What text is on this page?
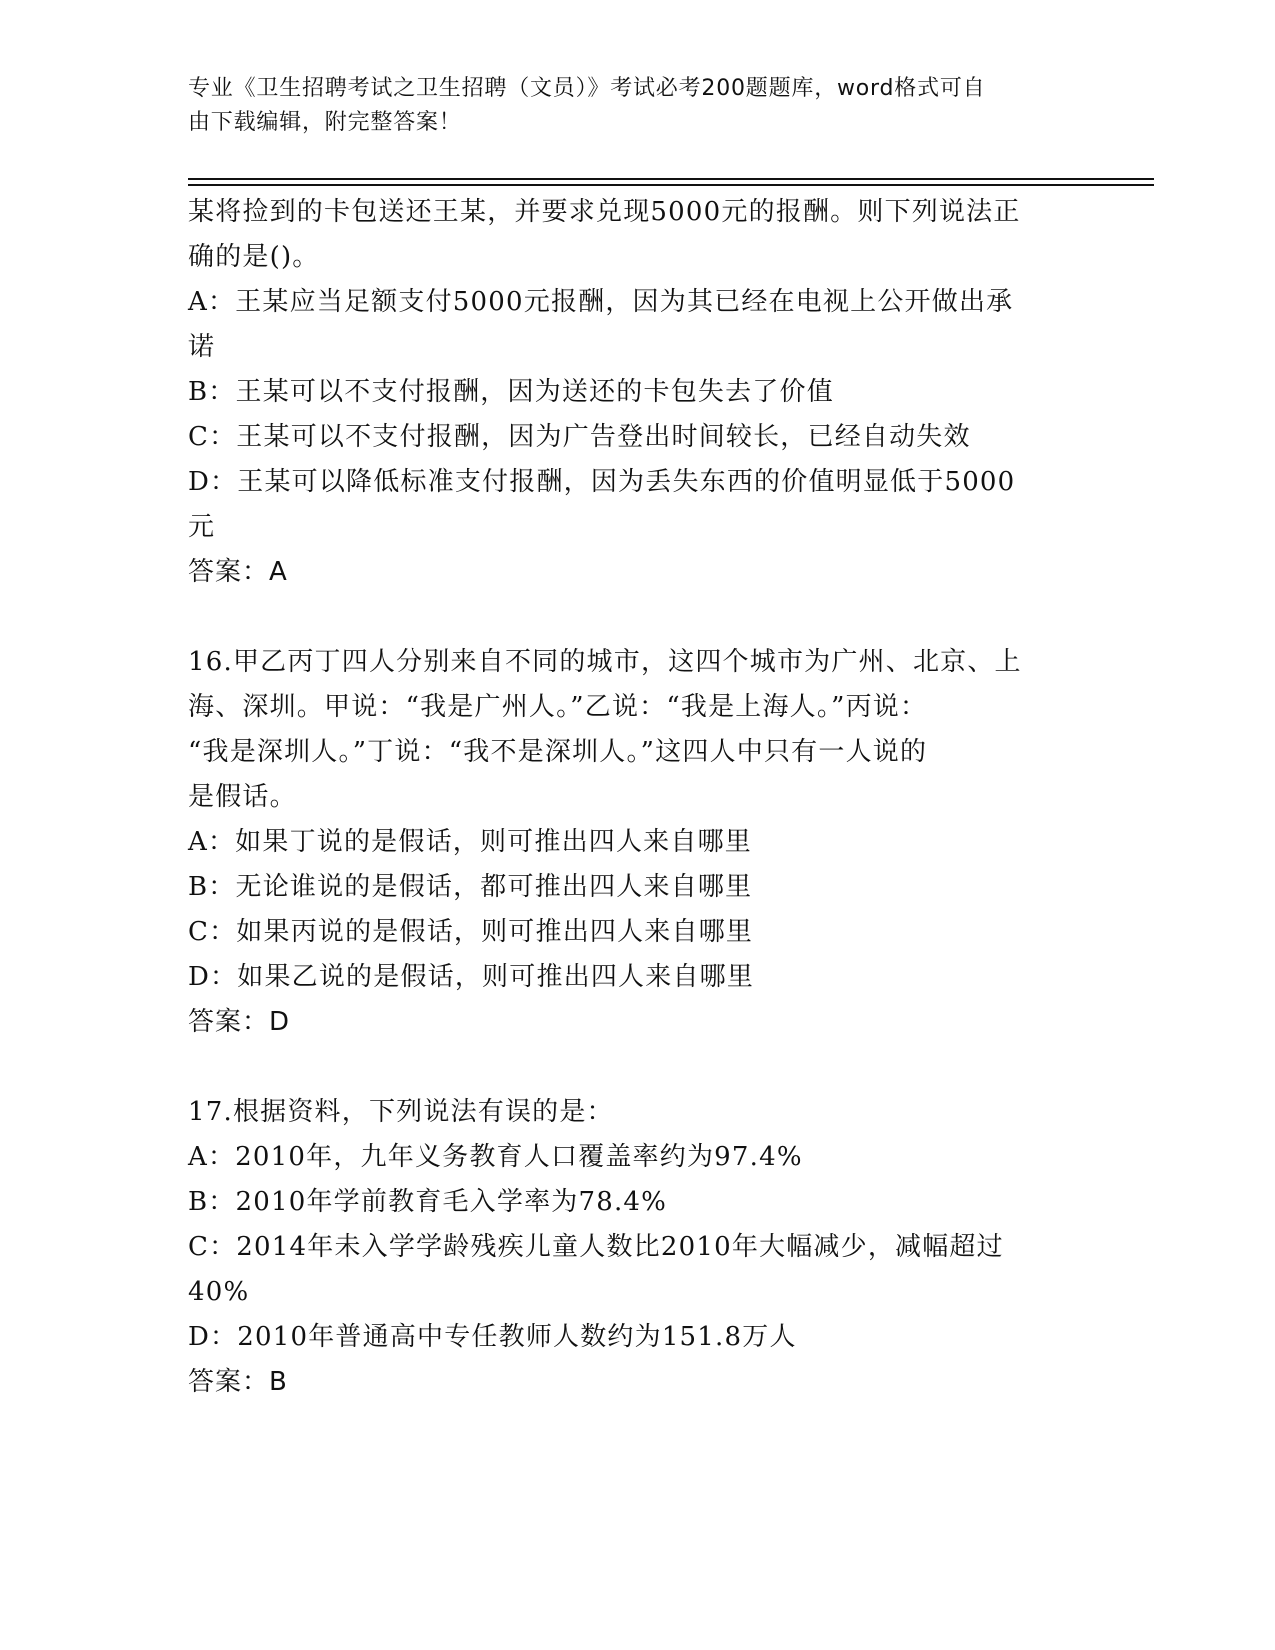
专业《卫生招聘考试之卫生招聘（文员）》考试必考200题题库，word格式可自
由下载编辑，附完整答案！
某将捡到的卡包送还王某，并要求兑现5000元的报酬。则下列说法正
确的是()。
A：王某应当足额支付5000元报酬，因为其已经在电视上公开做出承
诺
B：王某可以不支付报酬，因为送还的卡包失去了价值
C：王某可以不支付报酬，因为广告登出时间较长，已经自动失效
D：王某可以降低标准支付报酬，因为丢失东西的价值明显低于5000
元
答案：A
16.甲乙丙丁四人分别来自不同的城市，这四个城市为广州、北京、上
海、深圳。甲说：“我是广州人。”乙说：“我是上海人。”丙说：
“我是深圳人。”丁说：“我不是深圳人。”这四人中只有一人说的
是假话。
A：如果丁说的是假话，则可推出四人来自哪里
B：无论谁说的是假话，都可推出四人来自哪里
C：如果丙说的是假话，则可推出四人来自哪里
D：如果乙说的是假话，则可推出四人来自哪里
答案：D
17.根据资料，下列说法有误的是：
A：2010年，九年义务教育人口覆盖率约为97.4%
B：2010年学前教育毛入学率为78.4%
C：2014年未入学学龄残疾儿童人数比2010年大幅减少，减幅超过
40%
D：2010年普通高中专任教师人数约为151.8万人
答案：B
